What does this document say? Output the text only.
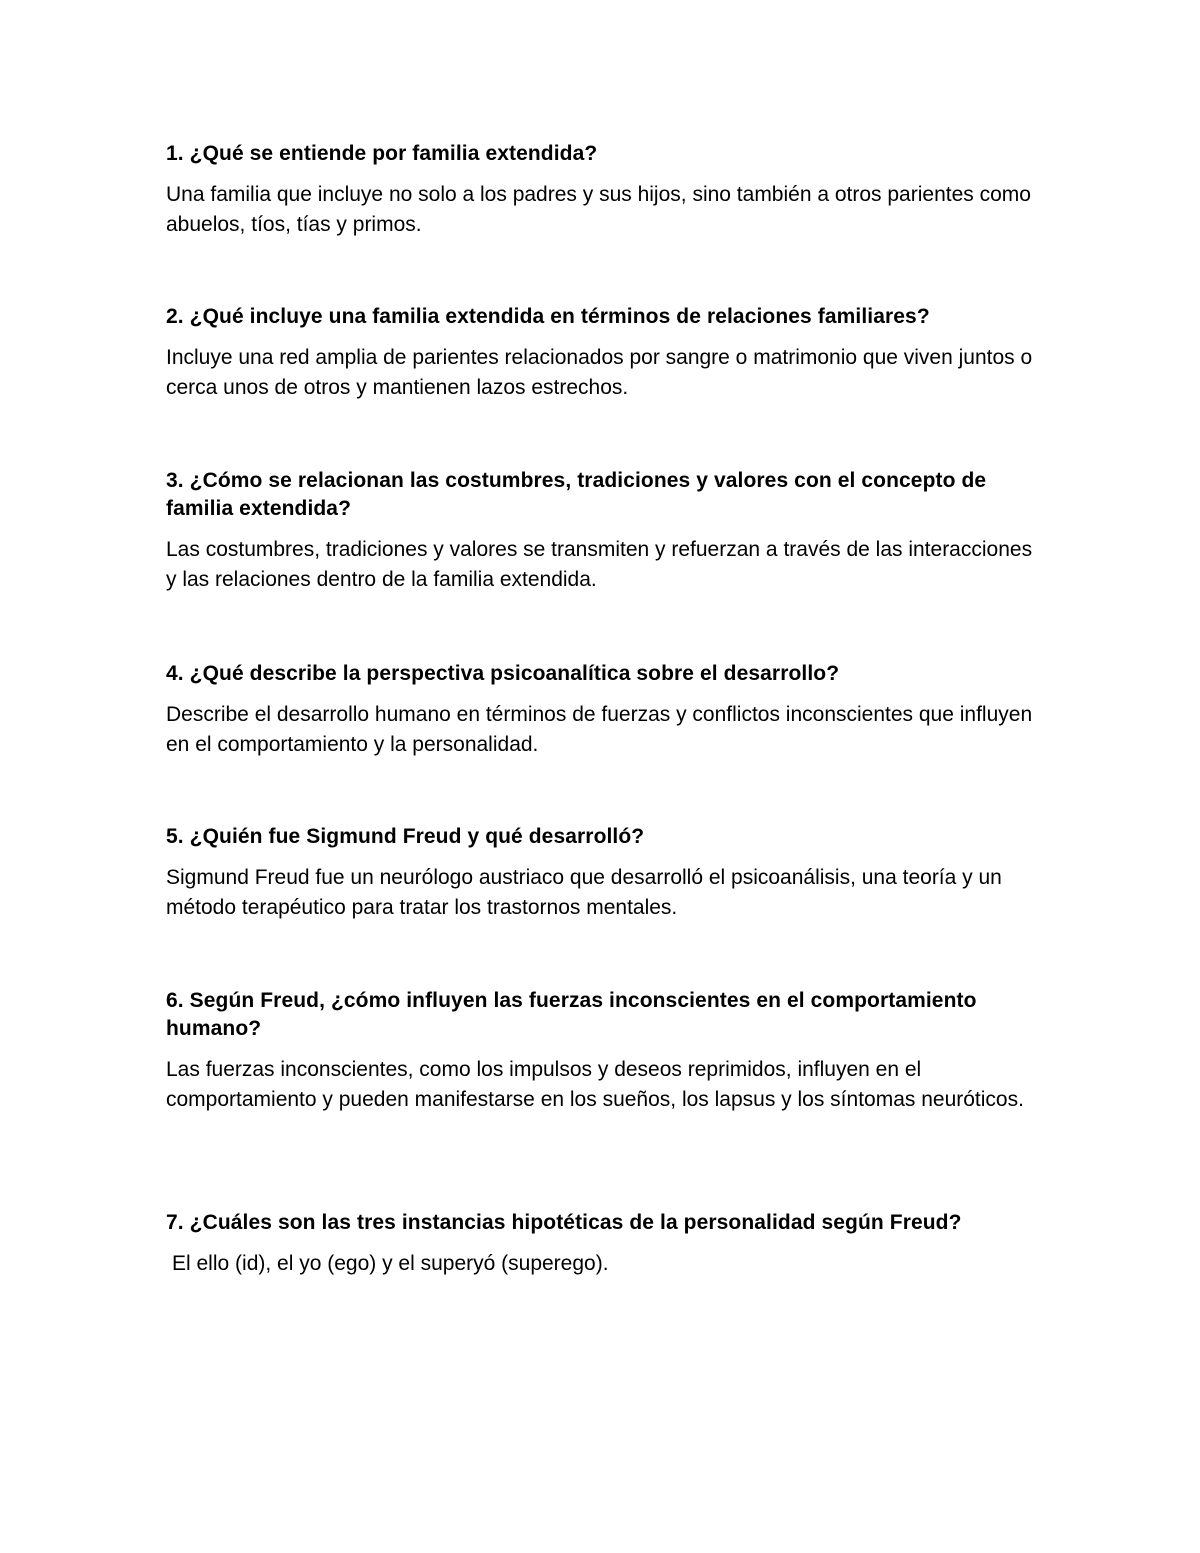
1. ¿Qué se entiende por familia extendida?

Una familia que incluye no solo a los padres y sus hijos, sino también a otros parientes como abuelos, tíos, tías y primos.

2. ¿Qué incluye una familia extendida en términos de relaciones familiares?

Incluye una red amplia de parientes relacionados por sangre o matrimonio que viven juntos o cerca unos de otros y mantienen lazos estrechos.

3. ¿Cómo se relacionan las costumbres, tradiciones y valores con el concepto de familia extendida?

Las costumbres, tradiciones y valores se transmiten y refuerzan a través de las interacciones y las relaciones dentro de la familia extendida.

4. ¿Qué describe la perspectiva psicoanalítica sobre el desarrollo?

Describe el desarrollo humano en términos de fuerzas y conflictos inconscientes que influyen en el comportamiento y la personalidad.

5. ¿Quién fue Sigmund Freud y qué desarrolló?

Sigmund Freud fue un neurólogo austriaco que desarrolló el psicoanálisis, una teoría y un método terapéutico para tratar los trastornos mentales.

6. Según Freud, ¿cómo influyen las fuerzas inconscientes en el comportamiento humano?

Las fuerzas inconscientes, como los impulsos y deseos reprimidos, influyen en el comportamiento y pueden manifestarse en los sueños, los lapsus y los síntomas neuróticos.

7. ¿Cuáles son las tres instancias hipotéticas de la personalidad según Freud?

El ello (id), el yo (ego) y el superyó (superego).
